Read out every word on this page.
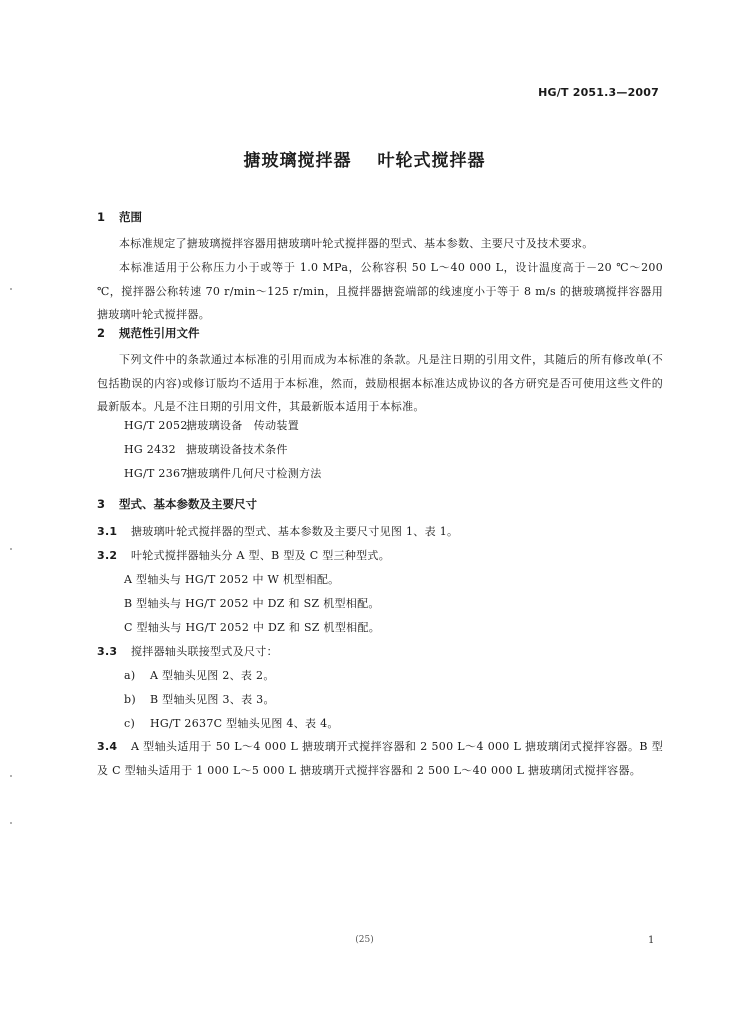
HG/T 2051.3—2007
搪玻璃搅拌器 叶轮式搅拌器
1 范围
本标准规定了搪玻璃搅拌容器用搪玻璃叶轮式搅拌器的型式、基本参数、主要尺寸及技术要求。
本标准适用于公称压力小于或等于 1.0 MPa，公称容积 50 L～40 000 L，设计温度高于－20 ℃～200 ℃，搅拌器公称转速 70 r/min～125 r/min，且搅拌器搪瓷端部的线速度小于等于 8 m/s 的搪玻璃搅拌容器用搪玻璃叶轮式搅拌器。
2 规范性引用文件
下列文件中的条款通过本标准的引用而成为本标准的条款。凡是注日期的引用文件，其随后的所有修改单(不包括勘误的内容)或修订版均不适用于本标准，然而，鼓励根据本标准达成协议的各方研究是否可使用这些文件的最新版本。凡是不注日期的引用文件，其最新版本适用于本标准。
HG/T 2052搪玻璃设备　传动装置
HG 2432 搪玻璃设备技术条件
HG/T 2367搪玻璃件几何尺寸检测方法
3 型式、基本参数及主要尺寸
3.1 搪玻璃叶轮式搅拌器的型式、基本参数及主要尺寸见图 1、表 1。
3.2 叶轮式搅拌器轴头分 A 型、B 型及 C 型三种型式。
A 型轴头与 HG/T 2052 中 W 机型相配。
B 型轴头与 HG/T 2052 中 DZ 和 SZ 机型相配。
C 型轴头与 HG/T 2052 中 DZ 和 SZ 机型相配。
3.3 搅拌器轴头联接型式及尺寸：
a) A 型轴头见图 2、表 2。
b) B 型轴头见图 3、表 3。
c) HG/T 2637C 型轴头见图 4、表 4。
3.4 A 型轴头适用于 50 L～4 000 L 搪玻璃开式搅拌容器和 2 500 L～4 000 L 搪玻璃闭式搅拌容器。B 型及 C 型轴头适用于 1 000 L～5 000 L 搪玻璃开式搅拌容器和 2 500 L～40 000 L 搪玻璃闭式搅拌容器。
(25)	1
